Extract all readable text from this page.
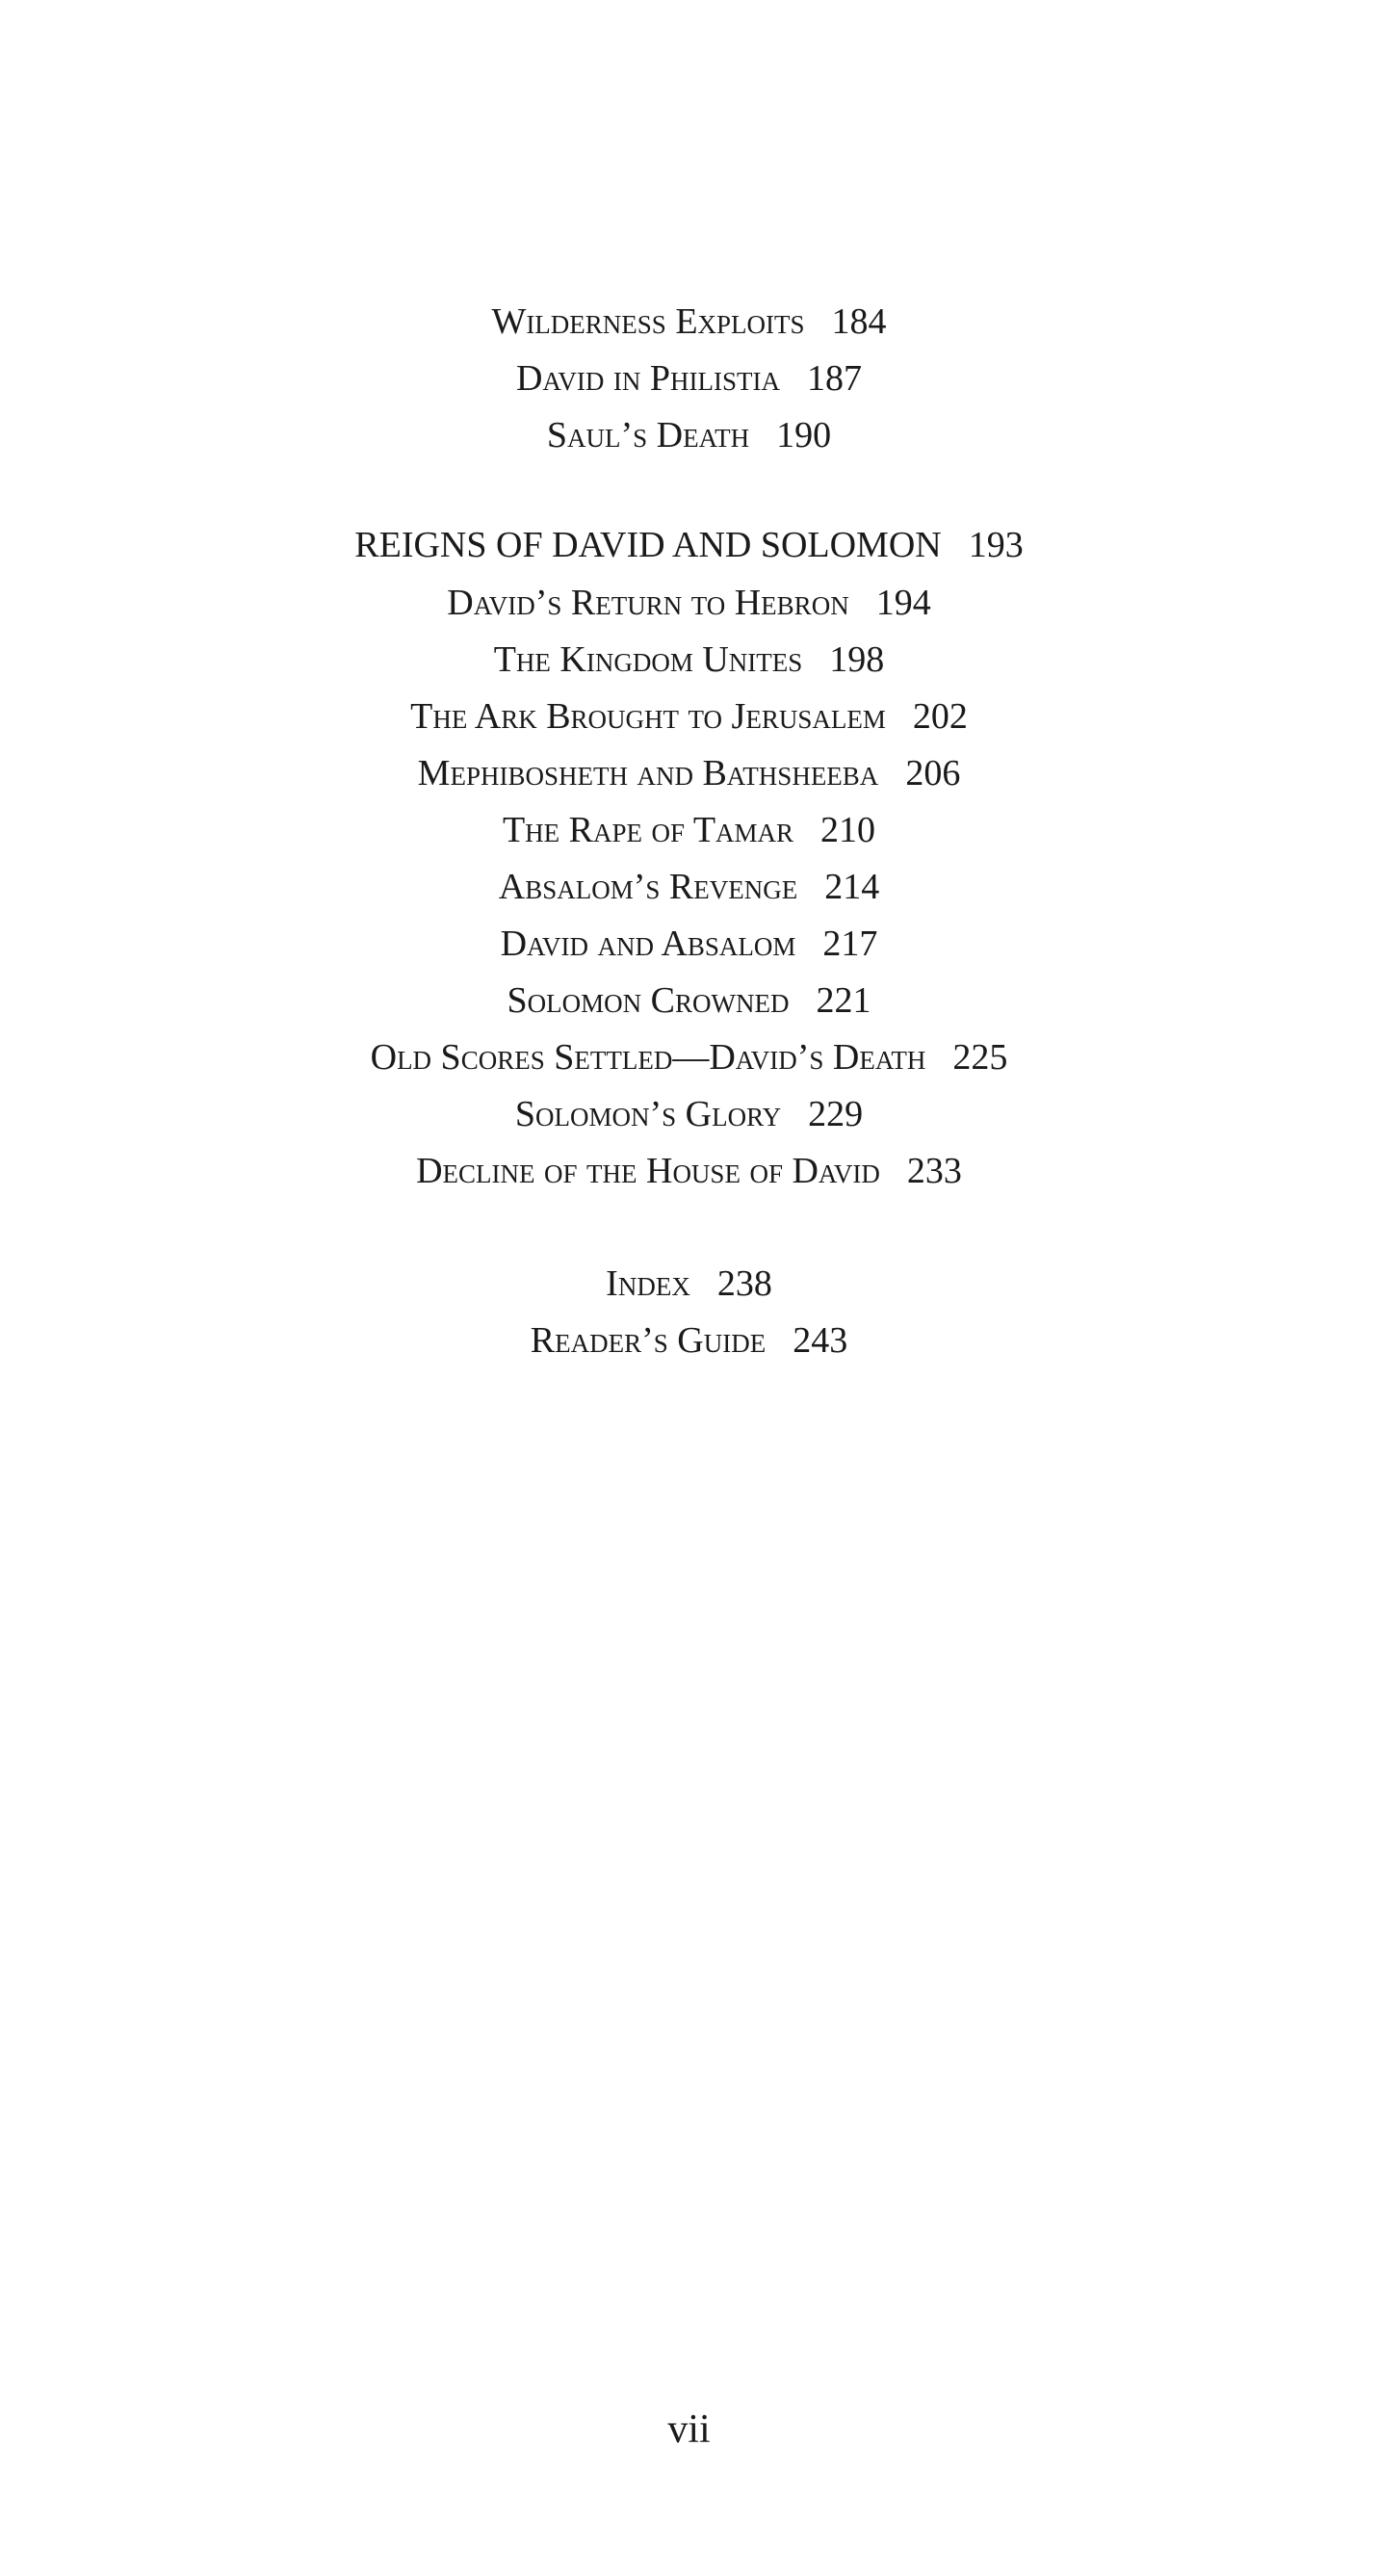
Wilderness Exploits 184
David in Philistia 187
Saul’s Death 190
REIGNS OF DAVID AND SOLOMON 193
David’s Return to Hebron 194
The Kingdom Unites 198
The Ark Brought to Jerusalem 202
Mephibosheth and Bathsheeba 206
The Rape of Tamar 210
Absalom’s Revenge 214
David and Absalom 217
Solomon Crowned 221
Old Scores Settled—David’s Death 225
Solomon’s Glory 229
Decline of the House of David 233
Index 238
Reader’s Guide 243
vii
